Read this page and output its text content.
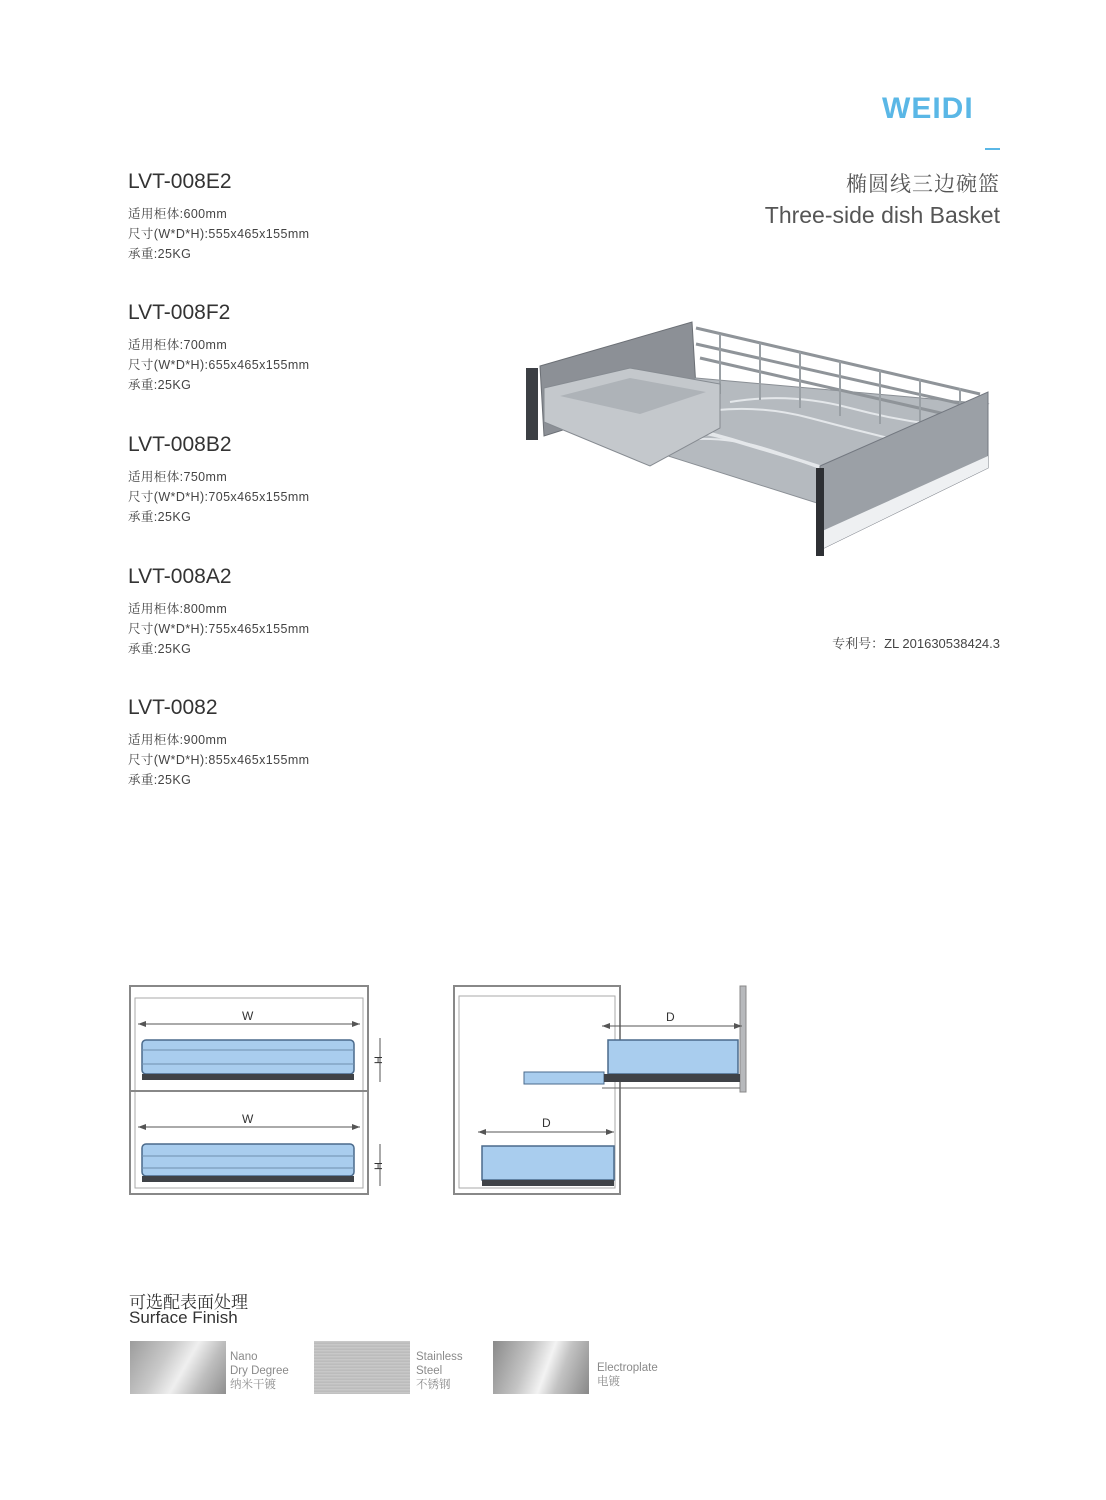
WEIDI
椭圆线三边碗篮
Three-side dish Basket
LVT-008E2
适用柜体:600mm
尺寸(W*D*H):555x465x155mm
承重:25KG
LVT-008F2
适用柜体:700mm
尺寸(W*D*H):655x465x155mm
承重:25KG
LVT-008B2
适用柜体:750mm
尺寸(W*D*H):705x465x155mm
承重:25KG
LVT-008A2
适用柜体:800mm
尺寸(W*D*H):755x465x155mm
承重:25KG
LVT-0082
适用柜体:900mm
尺寸(W*D*H):855x465x155mm
承重:25KG
专利号：ZL 201630538424.3
W
H
W
H
D
D
可选配表面处理
Surface Finish
Nano
Dry Degree
纳米干镀
Stainless
Steel
不锈钢
Electroplate
电镀
